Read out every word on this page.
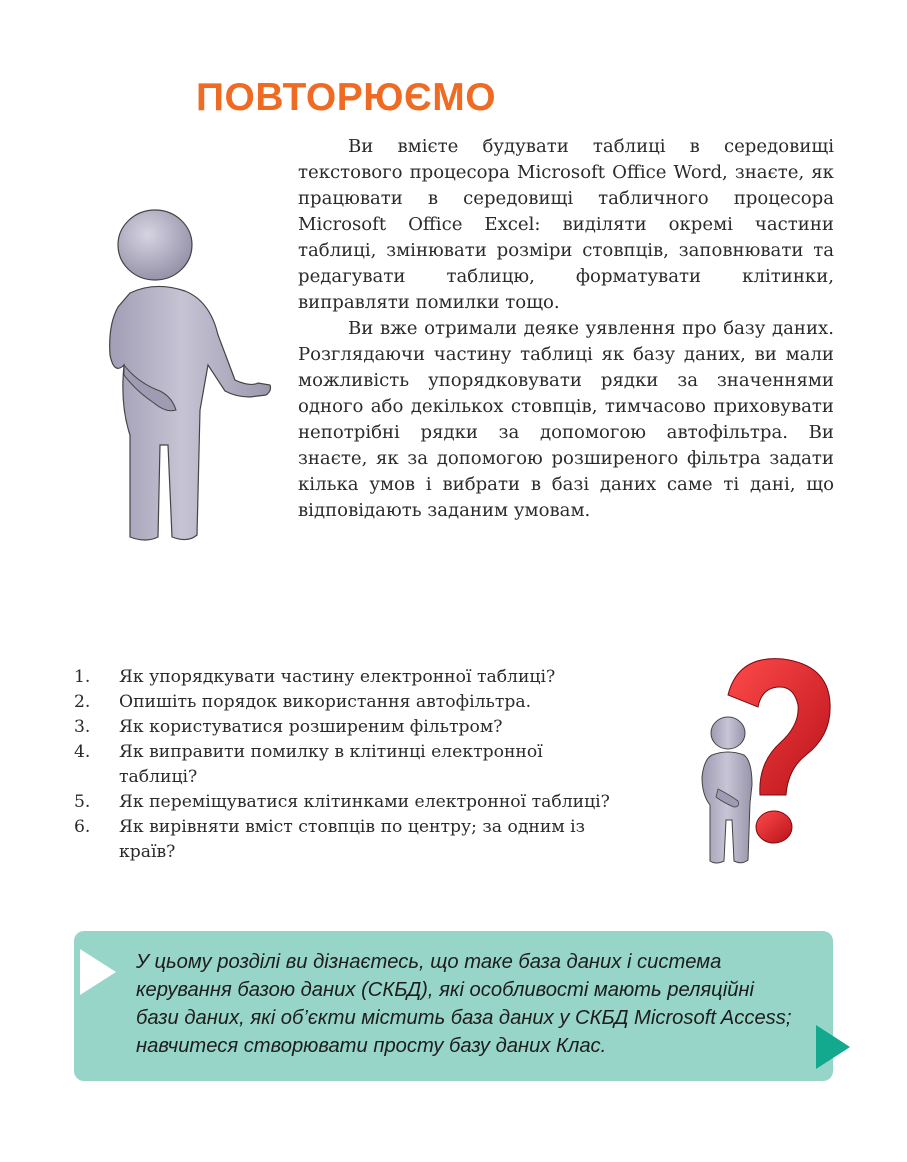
ПОВТОРЮЄМО

Ви вмієте будувати таблиці в середовищі текстового процесора Microsoft Office Word, знаєте, як працювати в середовищі табличного процесора Microsoft Office Excel: виділяти окремі частини таблиці, змінювати розміри стовпців, заповнювати та редагувати таблицю, форматувати клітинки, виправляти помилки тощо.

Ви вже отримали деяке уявлення про базу даних. Розглядаючи частину таблиці як базу даних, ви мали можливість упорядковувати рядки за значеннями одного або декількох стовпців, тимчасово приховувати непотрібні рядки за допомогою автофільтра. Ви знаєте, як за допомогою розширеного фільтра задати кілька умов і вибрати в базі даних саме ті дані, що відповідають заданим умовам.

1. Як упорядкувати частину електронної таблиці?
2. Опишіть порядок використання автофільтра.
3. Як користуватися розширеним фільтром?
4. Як виправити помилку в клітинці електронної таблиці?
5. Як переміщуватися клітинками електронної таблиці?
6. Як вирівняти вміст стовпців по центру; за одним із країв?
У цьому розділі ви дізнаєтесь, що таке база даних і система керування базою даних (СКБД), які особливості мають реляційні бази даних, які об’єкти містить база даних у СКБД Microsoft Access; навчитеся створювати просту базу даних Клас.
